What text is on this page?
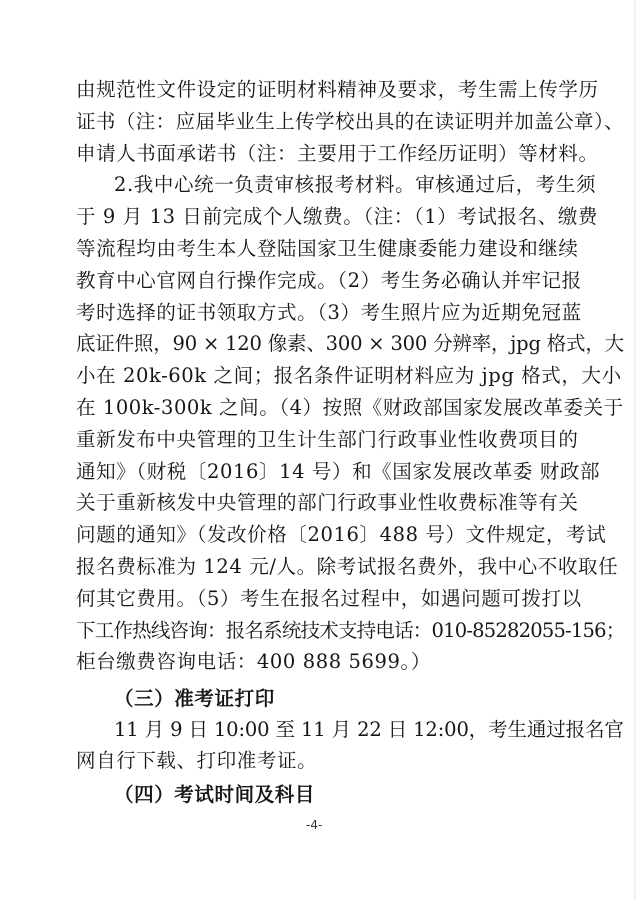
由规范性文件设定的证明材料精神及要求，考生需上传学历
证书（注：应届毕业生上传学校出具的在读证明并加盖公章）、
申请人书面承诺书（注：主要用于工作经历证明）等材料。
2.我中心统一负责审核报考材料。审核通过后，考生须
于 9 月 13 日前完成个人缴费。（注：（1）考试报名、缴费
等流程均由考生本人登陆国家卫生健康委能力建设和继续
教育中心官网自行操作完成。（2）考生务必确认并牢记报
考时选择的证书领取方式。（3）考生照片应为近期免冠蓝
底证件照，90 × 120 像素、300 × 300 分辨率，jpg 格式，大
小在 20k-60k 之间；报名条件证明材料应为 jpg 格式，大小
在 100k-300k 之间。（4）按照《财政部国家发展改革委关于
重新发布中央管理的卫生计生部门行政事业性收费项目的
通知》（财税〔2016〕14 号）和《国家发展改革委 财政部
关于重新核发中央管理的部门行政事业性收费标准等有关
问题的通知》（发改价格〔2016〕488 号）文件规定，考试
报名费标准为 124 元/人。除考试报名费外，我中心不收取任
何其它费用。（5）考生在报名过程中，如遇问题可拨打以
下工作热线咨询：报名系统技术支持电话：010-85282055-156；
柜台缴费咨询电话：400 888 5699。）
-4-
（三）准考证打印
11 月 9 日 10:00 至 11 月 22 日 12:00，考生通过报名官
网自行下载、打印准考证。
（四）考试时间及科目
